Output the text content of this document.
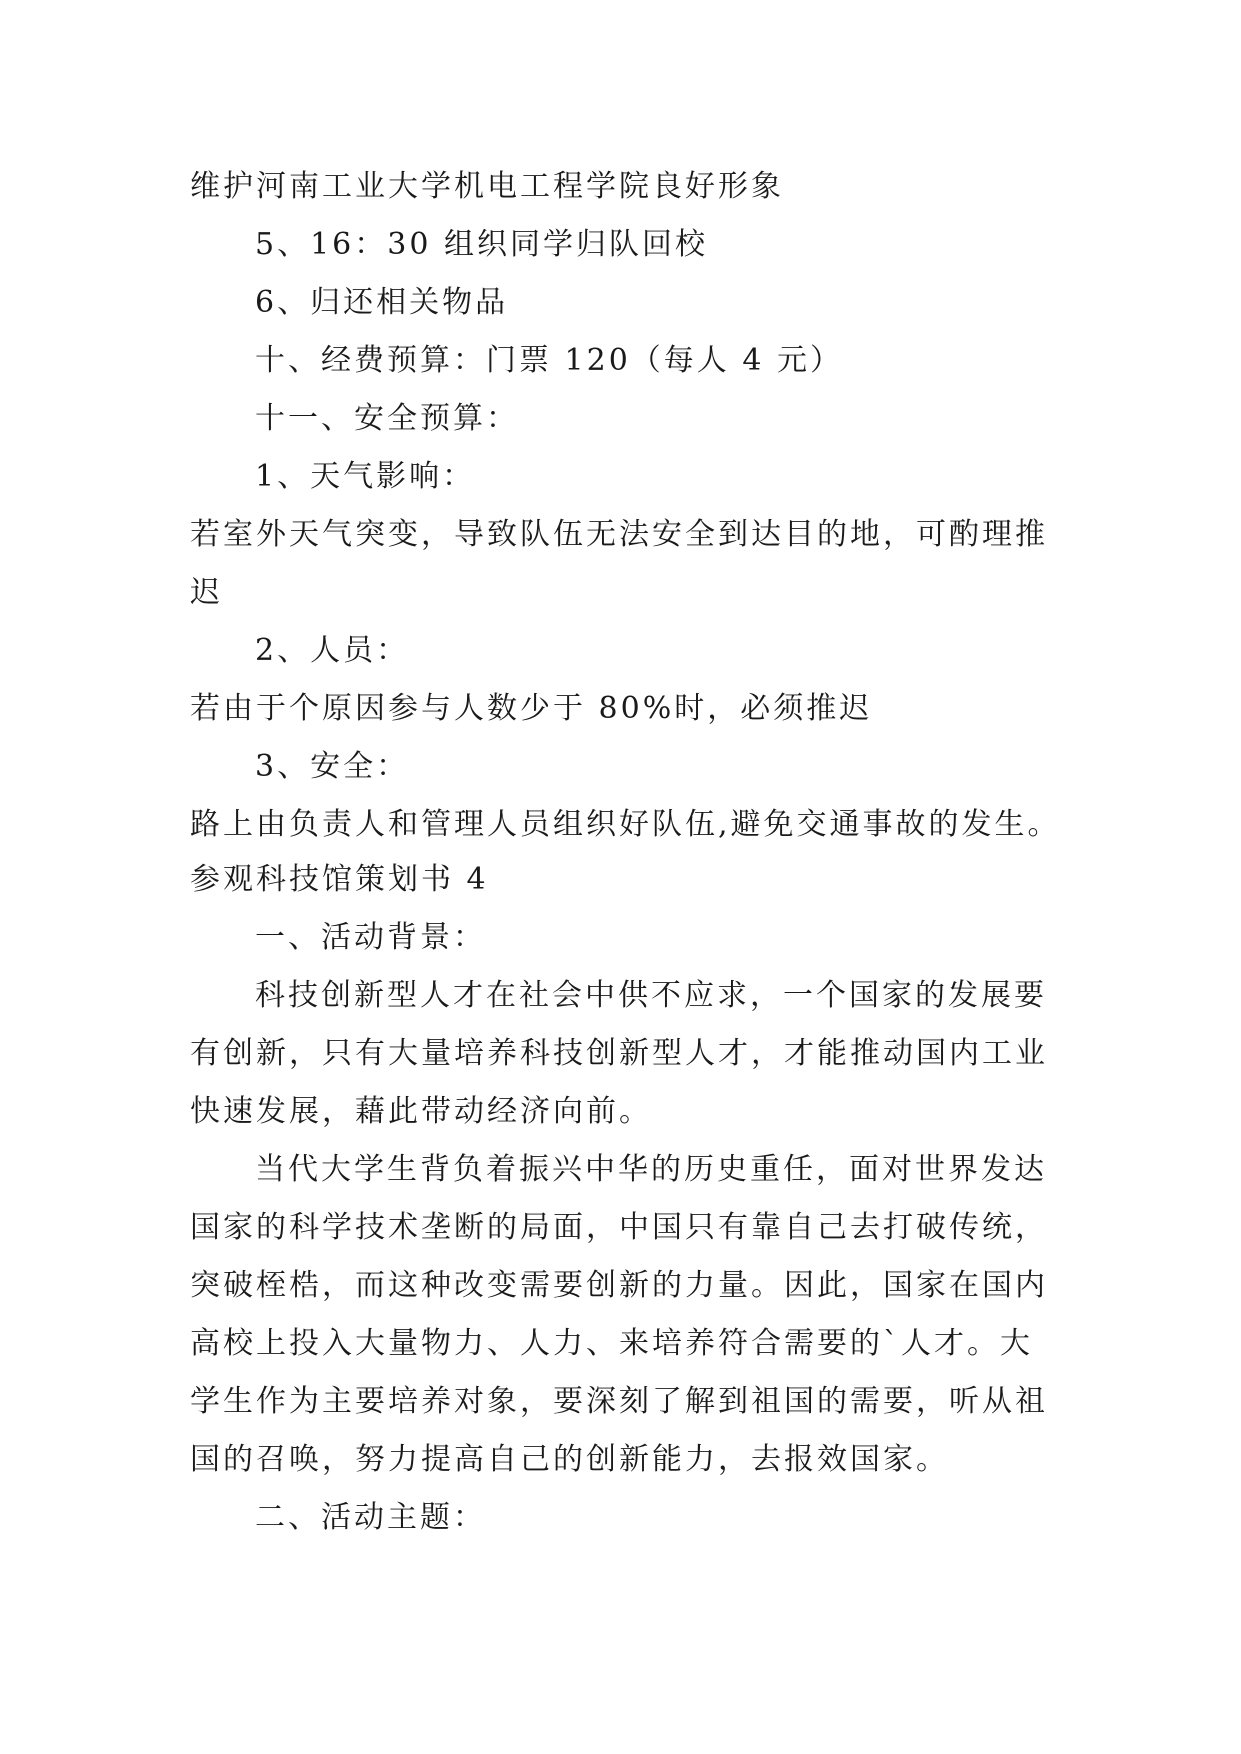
维护河南工业大学机电工程学院良好形象
5、16：30 组织同学归队回校
6、归还相关物品
十、经费预算：门票 120（每人 4 元）
十一、安全预算：
1、天气影响：
若室外天气突变，导致队伍无法安全到达目的地，可酌理推
迟
2、人员：
若由于个原因参与人数少于 80%时，必须推迟
3、安全：
路上由负责人和管理人员组织好队伍,避免交通事故的发生。
参观科技馆策划书 4
一、活动背景：
科技创新型人才在社会中供不应求，一个国家的发展要
有创新，只有大量培养科技创新型人才，才能推动国内工业
快速发展，藉此带动经济向前。
当代大学生背负着振兴中华的历史重任，面对世界发达
国家的科学技术垄断的局面，中国只有靠自己去打破传统，
突破桎梏，而这种改变需要创新的力量。因此，国家在国内
高校上投入大量物力、人力、来培养符合需要的`人才。大
学生作为主要培养对象，要深刻了解到祖国的需要，听从祖
国的召唤，努力提高自己的创新能力，去报效国家。
二、活动主题：
